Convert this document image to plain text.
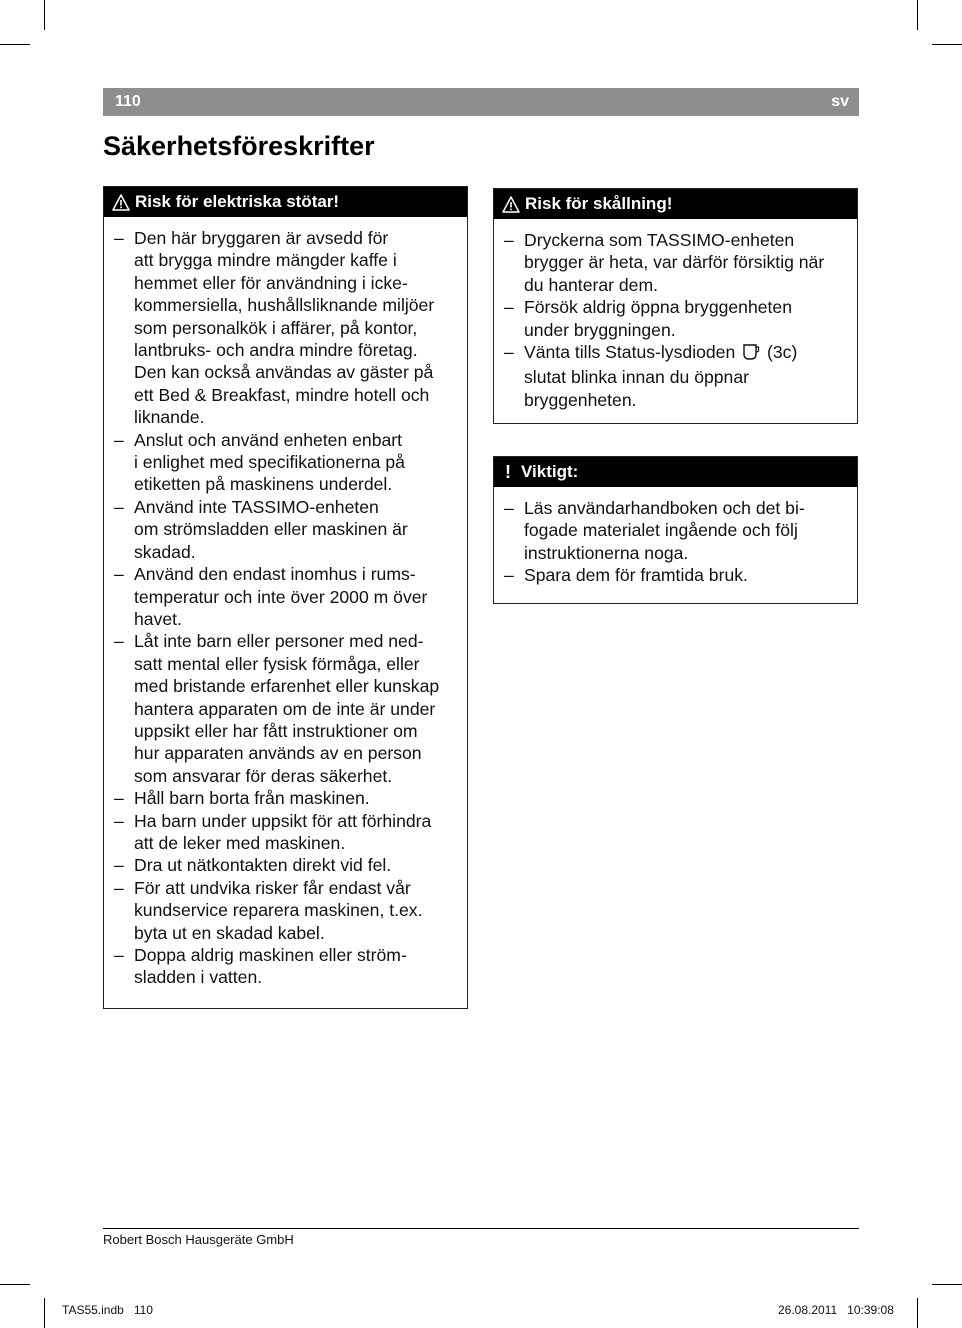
110	sv
Säkerhetsföreskrifter
Risk för elektriska stötar!
– Den här bryggaren är avsedd för
att brygga mindre mängder kaffe i
hemmet eller för användning i icke-
kommersiella, hushållsliknande miljöer
som personalkök i affärer, på kontor,
lantbruks- och andra mindre företag.
Den kan också användas av gäster på
ett Bed & Breakfast, mindre hotell och
liknande.
– Anslut och använd enheten enbart
i enlighet med specifikationerna på
etiketten på maskinens underdel.
– Använd inte TASSIMO-enheten
om strömsladden eller maskinen är
skadad.
– Använd den endast inomhus i rums-
temperatur och inte över 2000 m över
havet.
– Låt inte barn eller personer med ned-
satt mental eller fysisk förmåga, eller
med bristande erfarenhet eller kunskap
hantera apparaten om de inte är under
uppsikt eller har fått instruktioner om
hur apparaten används av en person
som ansvarar för deras säkerhet.
– Håll barn borta från maskinen.
– Ha barn under uppsikt för att förhindra
att de leker med maskinen.
– Dra ut nätkontakten direkt vid fel.
– För att undvika risker får endast vår
kundservice reparera maskinen, t.ex.
byta ut en skadad kabel.
– Doppa aldrig maskinen eller ström-
sladden i vatten.
Risk för skållning!
– Dryckerna som TASSIMO-enheten
brygger är heta, var därför försiktig när
du hanterar dem.
– Försök aldrig öppna bryggenheten
under bryggningen.
– Vänta tills Status-lysdioden (3c)
slutat blinka innan du öppnar
bryggenheten.
! Viktigt:
– Läs användarhandboken och det bi-
fogade materialet ingående och följ
instruktionerna noga.
– Spara dem för framtida bruk.
Robert Bosch Hausgeräte GmbH
TAS55.indb   110	26.08.2011   10:39:08
